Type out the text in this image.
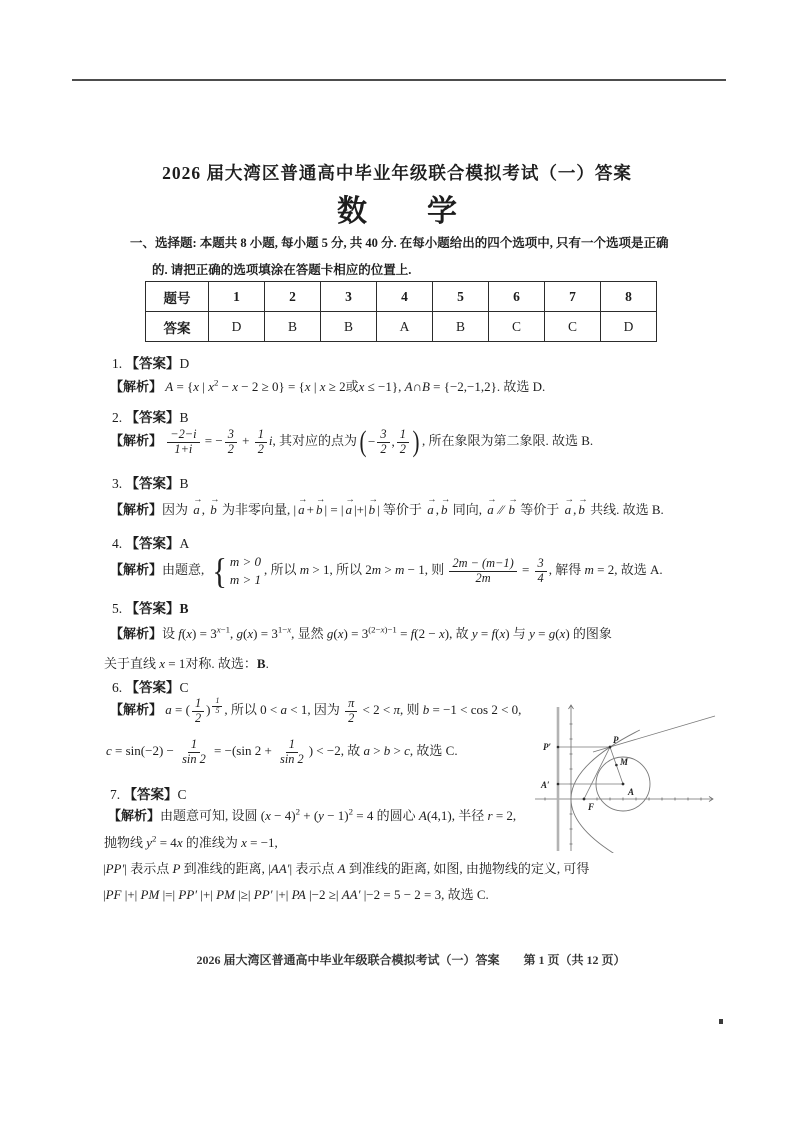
2026 届大湾区普通高中毕业年级联合模拟考试（一）答案
数　　学
一、选择题: 本题共 8 小题, 每小题 5 分, 共 40 分. 在每小题给出的四个选项中, 只有一个选项是正确
的. 请把正确的选项填涂在答题卡相应的位置上.
题号	1	2	3	4	5	6	7	8
答案	D	B	B	A	B	C	C	D
1. 【答案】D
【解析】 A = {x | $x^2 - x - 2 \ge 0\} = \{x$ | x ≥ 2或x ≤ −1}, A∩B = {−2,−1,2}. 故选 D.
2. 【答案】B
【解析】 $\frac{-2-i}{1+i}$ = − $\frac{3}{2} + \frac{1}{2} i$, 其对应的点为 ( − $\frac{3}{2}$ , $\frac{1}{2}$ ) , 所在象限为第二象限. 故选 B.
3. 【答案】B
【解析】因为 → a , → b 为非零向量, | → a + → b | = | → a |+| → b | 等价于 → a , → b 同向, → a ∕∕ → b 等价于 → a , → b 共线. 故选 B.
4. 【答案】A
【解析】由题意, { m > 0
m > 1
, 所以 m > 1, 所以 2m > m − 1, 则 $\frac{2m - (m-1)}{2m} = \frac{3}{4}$ , 解得 m = 2, 故选 A.
5. 【答案】B
【解析】设 $f(x) = 3^{x-1}$, $g(x) = 3^{1-x}$, 显然 $g(x) = 3^{(2-x)-1} = f(2 - x)$, 故 y = f(x) 与 y = g(x) 的图象
关于直线 x = 1对称. 故选：B.
6. 【答案】C
【解析】 a = ( $\frac{1}{2}$ ) $^{\frac{1}{5}}$ , 所以 0 < a < 1, 因为 $\frac{\pi}{2} < 2 < \pi$, 则 b = −1 < cos 2 < 0,
$c = \sin(-2) - \frac{1}{\sin 2} = -(\sin$ $2 + \frac{1}{\sin 2}$ ) < −2, 故 a > b > c, 故选 C.
7. 【答案】C
【解析】由题意可知, 设圆 $(x - 4)^2 + (y - 1)^2 = 4$ 的圆心 A(4,1), 半径 r = 2,
抛物线 $y^2 = 4x$ 的准线为 x = −1,
|PP′| 表示点 P 到准线的距离, |AA′| 表示点 A 到准线的距离, 如图, 由抛物线的定义, 可得
|PF |+| PM |=| PP′ |+| PM |≥| PP′ |+| PA |−2 ≥| AA′ |−2 = 5 − 2 = 3, 故选 C.
P′
P
M
A′
A
F
2026 届大湾区普通高中毕业年级联合模拟考试（一）答案　　第 1 页（共 12 页）
